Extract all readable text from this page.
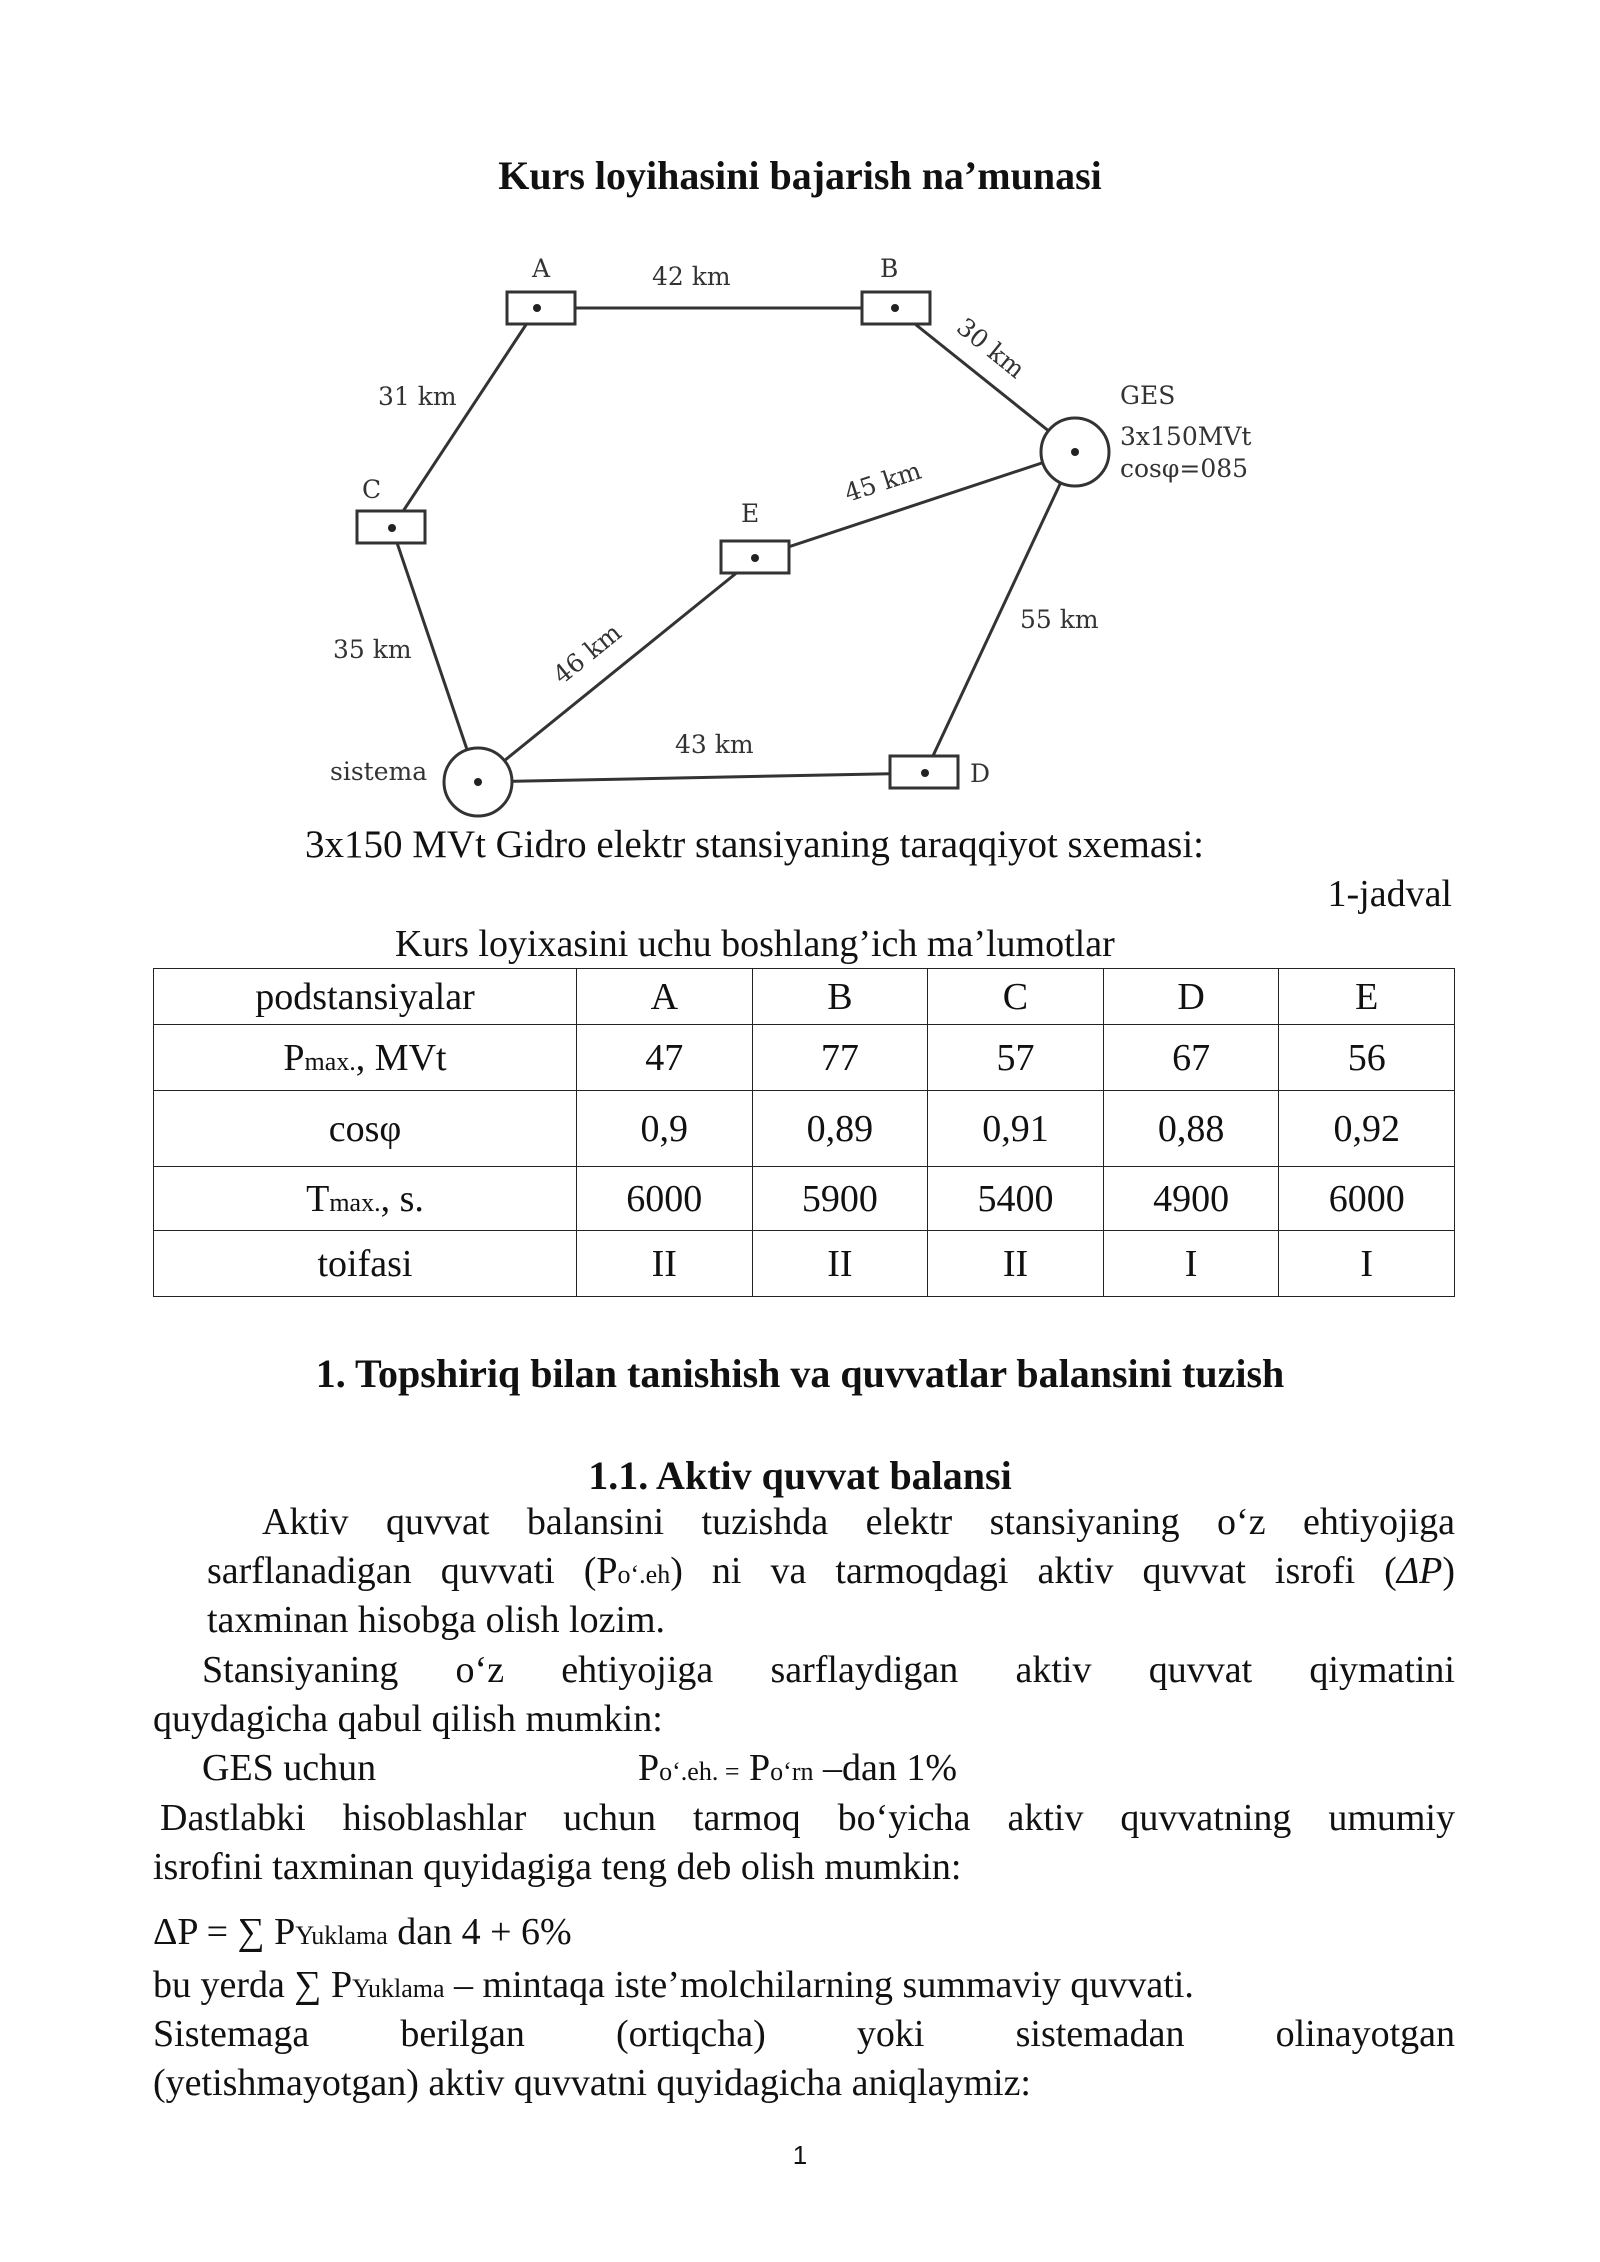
Kurs loyihasini bajarish na’munasi
A	B
C
E
D
GES
3x150MVt
cosφ=085
sistema
42 km
30 km
31 km
45 km
35 km	46 km	55 km
43 km
3x150 MVt Gidro elektr stansiyaning taraqqiyot sxemasi:
1-jadval
Kurs loyixasini uchu boshlang’ich ma’lumotlar
podstansiyalar	A	B	C	D	E
Pmax., MVt	47	77	57	67	56
cosφ	0,9	0,89	0,91	0,88	0,92
Tmax., s.	6000	5900	5400	4900	6000
toifasi	II	II	II	I	I
1. Topshiriq bilan tanishish va quvvatlar balansini tuzish
1.1. Aktiv quvvat balansi
Aktiv quvvat balansini tuzishda elektr stansiyaning o‘z ehtiyojiga
sarflanadigan quvvati (Po‘.eh) ni va tarmoqdagi aktiv quvvat isrofi (ΔP)
taxminan hisobga olish lozim.
Stansiyaning o‘z ehtiyojiga sarflaydigan aktiv quvvat qiymatini
quydagicha qabul qilish mumkin:
GES uchun	Po‘.eh. = Po‘rn –dan 1%
Dastlabki hisoblashlar uchun tarmoq bo‘yicha aktiv quvvatning umumiy
isrofini taxminan quyidagiga teng deb olish mumkin:
ΔP = ∑ PYuklama dan 4 + 6%
bu yerda ∑ PYuklama – mintaqa iste’molchilarning summaviy quvvati.
Sistemaga berilgan (ortiqcha) yoki sistemadan olinayotgan
(yetishmayotgan) aktiv quvvatni quyidagicha aniqlaymiz:
1
